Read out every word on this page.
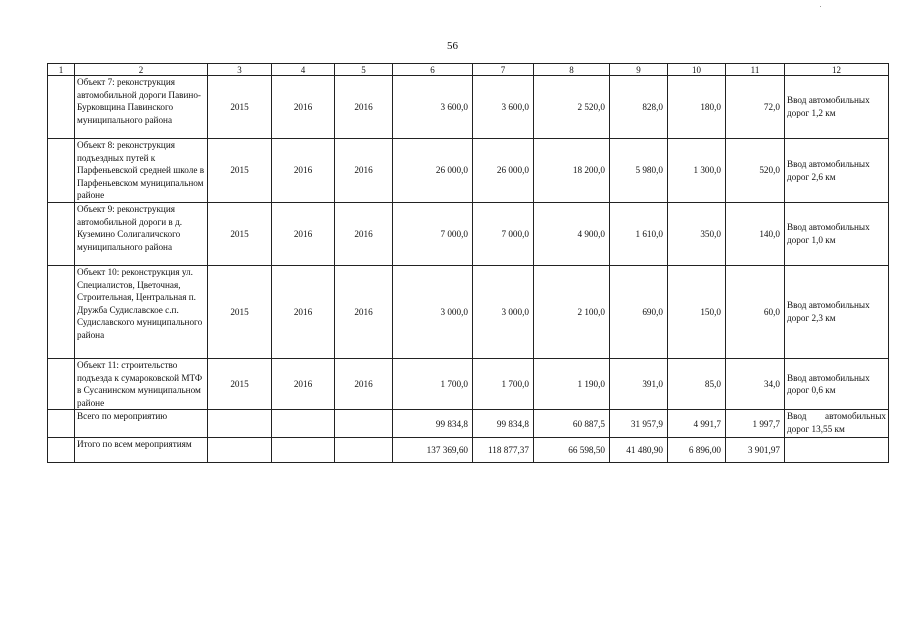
56
1	2	3	4	5	6	7	8	9	10	11	12
	Объект 7: реконструкция автомобильной дороги Павино-Бурковщина Павинского муниципального района	2015	2016	2016	3 600,0	3 600,0	2 520,0	828,0	180,0	72,0	Ввод автомобильных дорог 1,2 км
	Объект 8: реконструкция подъездных путей к Парфеньевской средней школе в Парфеньевском муниципальном районе	2015	2016	2016	26 000,0	26 000,0	18 200,0	5 980,0	1 300,0	520,0	Ввод автомобильных дорог 2,6 км
	Объект 9: реконструкция автомобильной дороги в д. Куземино Солигаличского муниципального района	2015	2016	2016	7 000,0	7 000,0	4 900,0	1 610,0	350,0	140,0	Ввод автомобильных дорог 1,0 км
	Объект 10: реконструкция ул. Специалистов, Цветочная, Строительная, Центральная п. Дружба Судиславское с.п. Судиславского муниципального района	2015	2016	2016	3 000,0	3 000,0	2 100,0	690,0	150,0	60,0	Ввод автомобильных дорог 2,3 км
	Объект 11: строительство подъезда к сумароковской МТФ в Сусанинском муниципальном районе	2015	2016	2016	1 700,0	1 700,0	1 190,0	391,0	85,0	34,0	Ввод автомобильных дорог 0,6 км
	Всего по мероприятию				99 834,8	99 834,8	60 887,5	31 957,9	4 991,7	1 997,7	Ввод автомобильных дорог 13,55 км
	Итого по всем мероприятиям				137 369,60	118 877,37	66 598,50	41 480,90	6 896,00	3 901,97	
